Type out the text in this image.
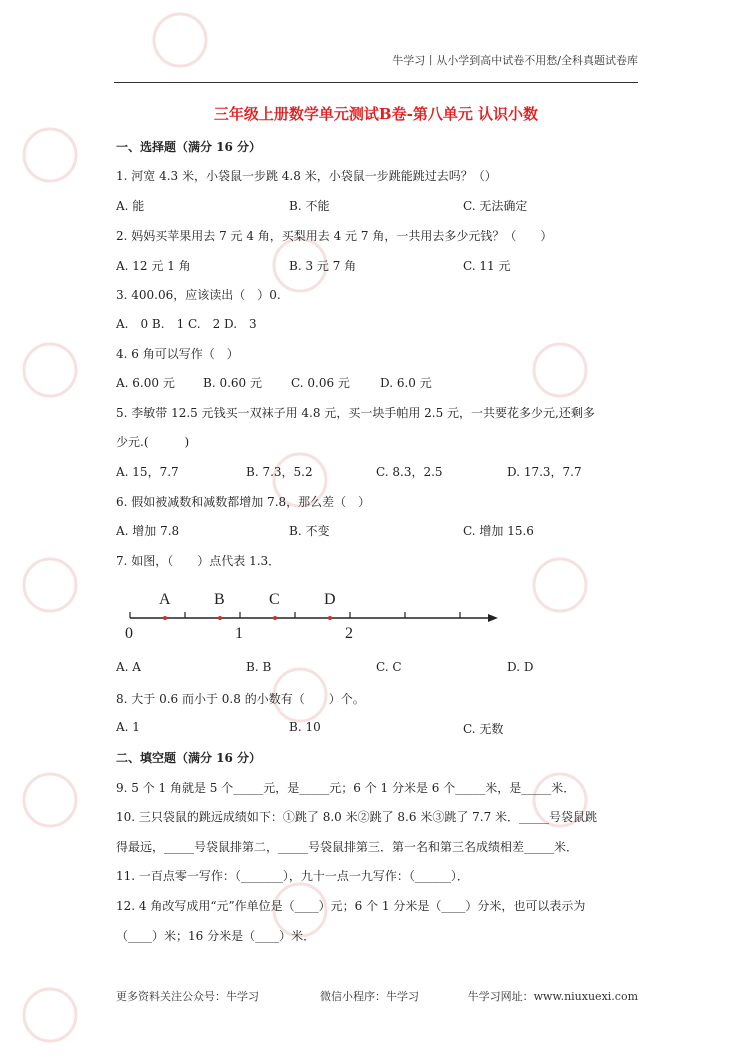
牛学习丨从小学到高中试卷不用愁/全科真题试卷库
三年级上册数学单元测试B卷-第八单元 认识小数
一、选择题（满分 16 分）
1. 河宽 4.3 米，小袋鼠一步跳 4.8 米，小袋鼠一步跳能跳过去吗？（）
A. 能	B. 不能	C. 无法确定
2. 妈妈买苹果用去 7 元 4 角，买梨用去 4 元 7 角，一共用去多少元钱？（　　）
A. 12 元 1 角	B. 3 元 7 角	C. 11 元
3. 400.06，应该读出（　）0.
A.　0 B.　1 C.　2 D.　3
4. 6 角可以写作（　）
A. 6.00 元 B. 0.60 元 C. 0.06 元	D. 6.0 元
5. 李敏带 12.5 元钱买一双袜子用 4.8 元，买一块手帕用 2.5 元，一共要花多少元,还剩多
少元.(　　　)
A. 15，7.7	B. 7.3，5.2	C. 8.3，2.5	D. 17.3，7.7
6. 假如被减数和减数都增加 7.8，那么差（　）
A. 增加 7.8	B. 不变	C. 增加 15.6
7. 如图，（　　）点代表 1.3．
A	B	C	D
0	1	2
A. A	B. B	C. C	D. D
8. 大于 0.6 而小于 0.8 的小数有（　　）个。
A. 1	B. 10	C. 无数
二、填空题（满分 16 分）
9. 5 个 1 角就是 5 个_____元，是_____元；6 个 1 分米是 6 个_____米，是_____米．
10. 三只袋鼠的跳远成绩如下：①跳了 8.0 米②跳了 8.6 米③跳了 7.7 米．_____号袋鼠跳
得最远，_____号袋鼠排第二，_____号袋鼠排第三．第一名和第三名成绩相差_____米．
11. 一百点零一写作：（_______），九十一点一九写作：（______）．
12. 4 角改写成用“元”作单位是（____）元；6 个 1 分米是（____）分米，也可以表示为
（____）米；16 分米是（____）米．
更多资料关注公众号：牛学习	微信小程序：牛学习	牛学习网址：www.niuxuexi.com
